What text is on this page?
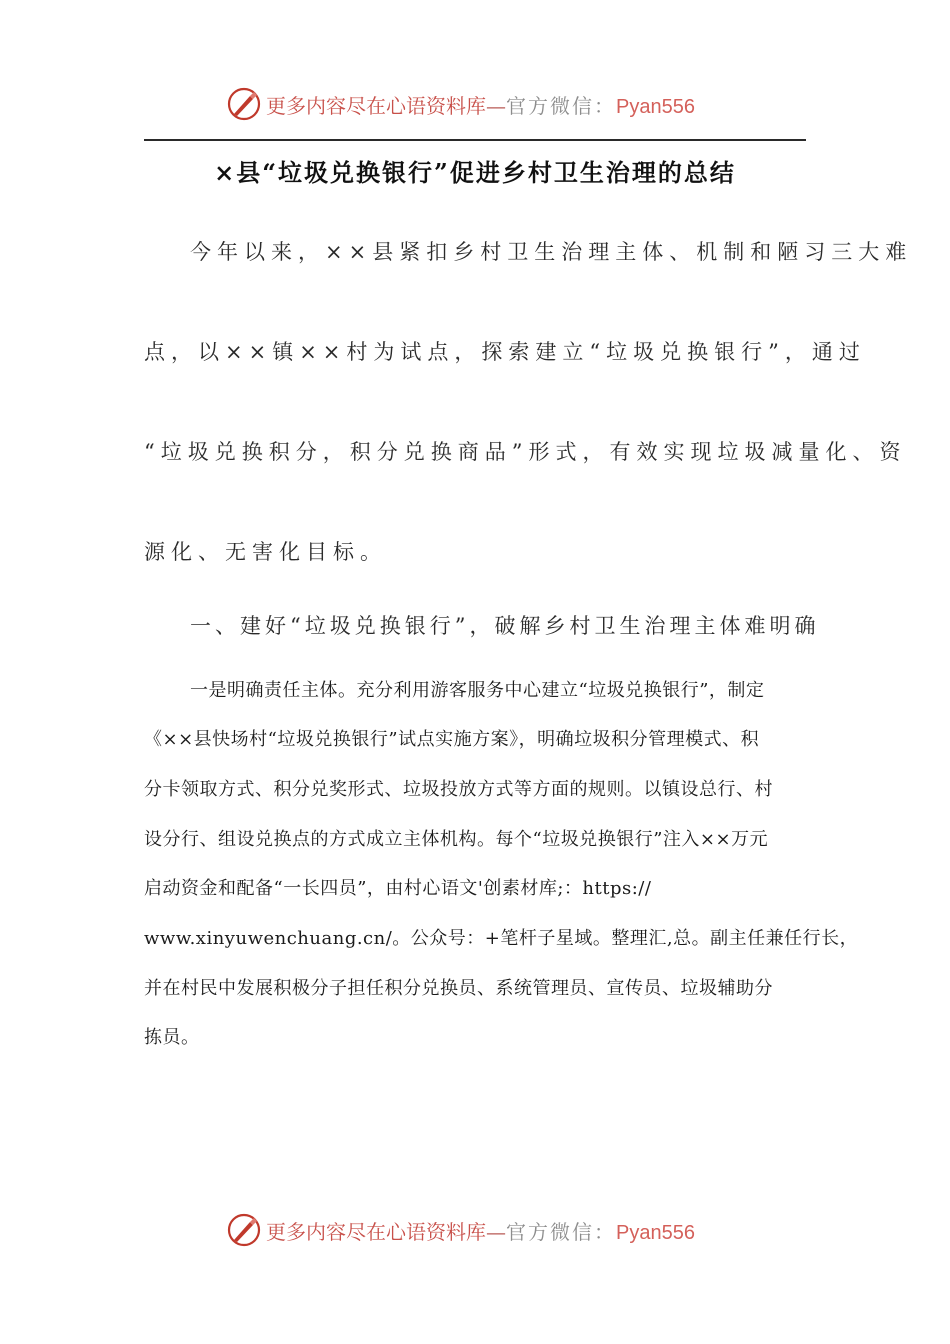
更多内容尽在心语资料库—官方微信：Pyan556
×县“垃圾兑换银行”促进乡村卫生治理的总结
今年以来，××县紧扣乡村卫生治理主体、机制和陋习三大难
点，以××镇××村为试点，探索建立“垃圾兑换银行”，通过
“垃圾兑换积分，积分兑换商品”形式，有效实现垃圾减量化、资
源化、无害化目标。
一、建好“垃圾兑换银行”，破解乡村卫生治理主体难明确
一是明确责任主体。充分利用游客服务中心建立“垃圾兑换银行”，制定
《××县快场村“垃圾兑换银行”试点实施方案》，明确垃圾积分管理模式、积
分卡领取方式、积分兑奖形式、垃圾投放方式等方面的规则。以镇设总行、村
设分行、组设兑换点的方式成立主体机构。每个“垃圾兑换银行”注入××万元
启动资金和配备“一长四员”，由村心语文'创素材库;：https://
www.xinyuwenchuang.cn/。公众号：+笔杆子星域。整理汇,总。副主任兼任行长，
并在村民中发展积极分子担任积分兑换员、系统管理员、宣传员、垃圾辅助分
拣员。
更多内容尽在心语资料库—官方微信：Pyan556
